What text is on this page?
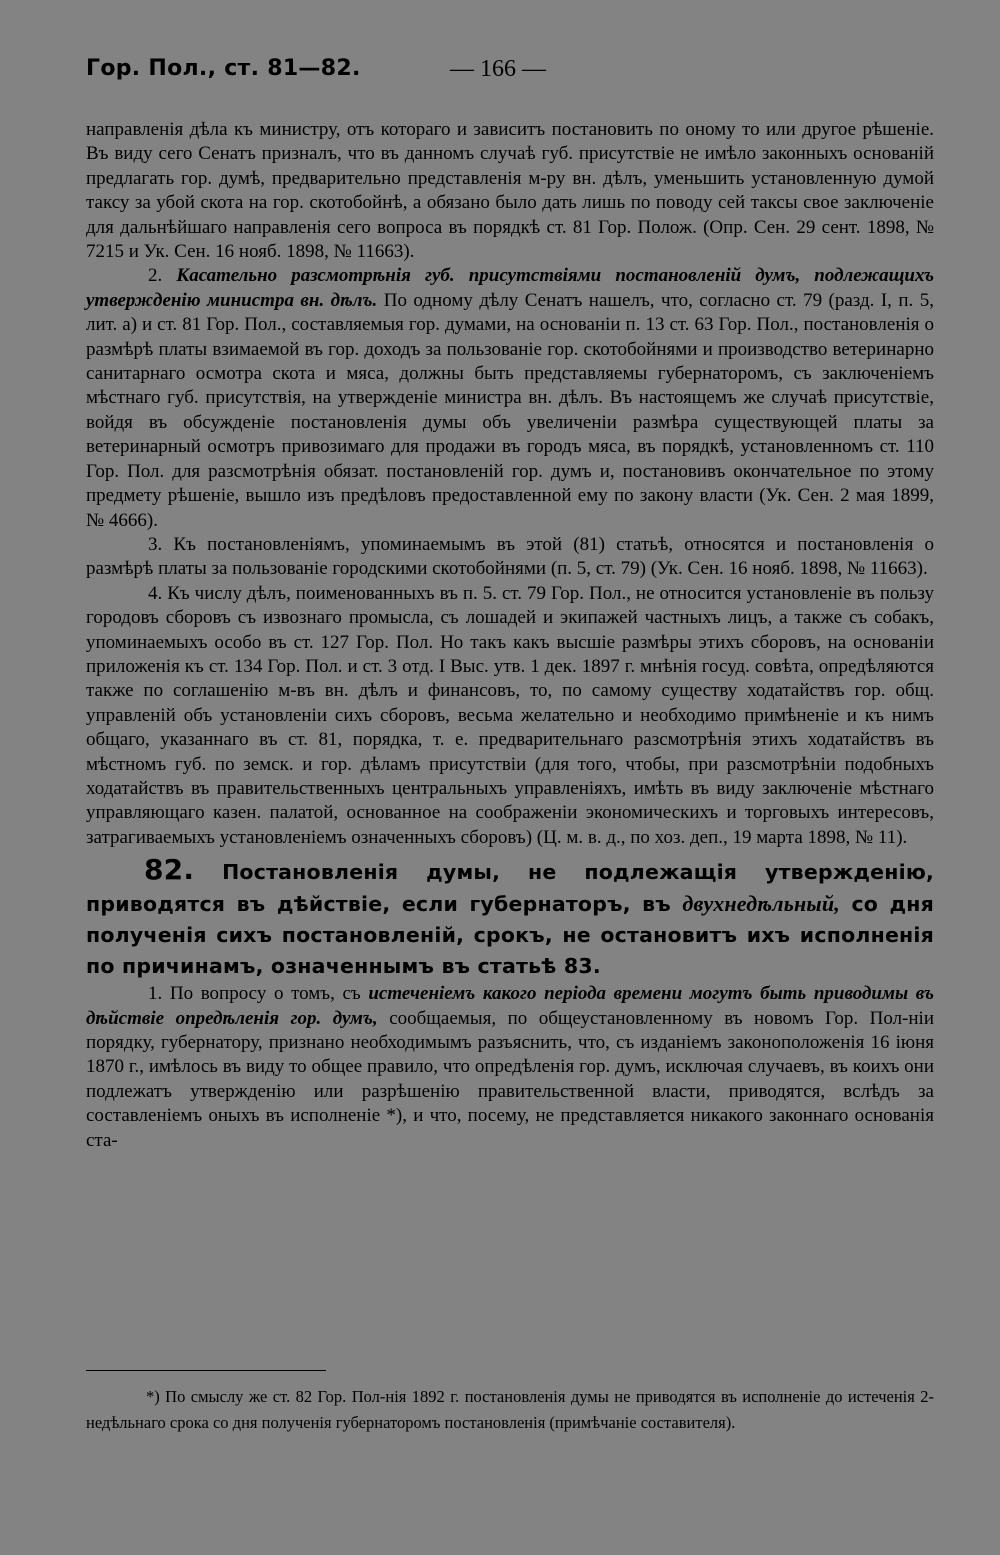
Гор. Пол., ст. 81—82.	— 166 —

направленія дѣла къ министру, отъ котораго и зависитъ постановить по оному то или другое рѣшеніе. Въ виду сего Сенатъ призналъ, что въ данномъ случаѣ губ. присутствіе не имѣло законныхъ основаній предлагать гор. думѣ, предварительно представленія м-ру вн. дѣлъ, уменьшить установленную думой таксу за убой скота на гор. скотобойнѣ, а обязано было дать лишь по поводу сей таксы свое заключеніе для дальнѣйшаго направленія сего вопроса въ порядкѣ ст. 81 Гор. Полож. (Опр. Сен. 29 сент. 1898, № 7215 и Ук. Сен. 16 нояб. 1898, № 11663).

2. Касательно разсмотрѣнія губ. присутствіями постановленій думъ, подлежащихъ утвержденію министра вн. дѣлъ. По одному дѣлу Сенатъ нашелъ, что, согласно ст. 79 (разд. I, п. 5, лит. а) и ст. 81 Гор. Пол., составляемыя гор. думами, на основаніи п. 13 ст. 63 Гор. Пол., постановленія о размѣрѣ платы взимаемой въ гор. доходъ за пользованіе гор. скотобойнями и производство ветеринарно санитарнаго осмотра скота и мяса, должны быть представляемы губернаторомъ, съ заключеніемъ мѣстнаго губ. присутствія, на утвержденіе министра вн. дѣлъ. Въ настоящемъ же случаѣ присутствіе, войдя въ обсужденіе постановленія думы объ увеличеніи размѣра существующей платы за ветеринарный осмотръ привозимаго для продажи въ городъ мяса, въ порядкѣ, установленномъ ст. 110 Гор. Пол. для разсмотрѣнія обязат. постановленій гор. думъ и, постановивъ окончательное по этому предмету рѣшеніе, вышло изъ предѣловъ предоставленной ему по закону власти (Ук. Сен. 2 мая 1899, № 4666).

3. Къ постановленіямъ, упоминаемымъ въ этой (81) статьѣ, относятся и постановленія о размѣрѣ платы за пользованіе городскими скотобойнями (п. 5, ст. 79) (Ук. Сен. 16 нояб. 1898, № 11663).

4. Къ числу дѣлъ, поименованныхъ въ п. 5. ст. 79 Гор. Пол., не относится установленіе въ пользу городовъ сборовъ съ извознаго промысла, съ лошадей и экипажей частныхъ лицъ, а также съ собакъ, упоминаемыхъ особо въ ст. 127 Гор. Пол. Но такъ какъ высшіе размѣры этихъ сборовъ, на основаніи приложенія къ ст. 134 Гор. Пол. и ст. 3 отд. I Выс. утв. 1 дек. 1897 г. мнѣнія госуд. совѣта, опредѣляются также по соглашенію м-въ вн. дѣлъ и финансовъ, то, по самому существу ходатайствъ гор. общ. управленій объ установленіи сихъ сборовъ, весьма желательно и необходимо примѣненіе и къ нимъ общаго, указаннаго въ ст. 81, порядка, т. е. предварительнаго разсмотрѣнія этихъ ходатайствъ въ мѣстномъ губ. по земск. и гор. дѣламъ присутствіи (для того, чтобы, при разсмотрѣніи подобныхъ ходатайствъ въ правительственныхъ центральныхъ управленіяхъ, имѣть въ виду заключеніе мѣстнаго управляющаго казен. палатой, основанное на соображеніи экономическихъ и торговыхъ интересовъ, затрагиваемыхъ установленіемъ означенныхъ сборовъ) (Ц. м. в. д., по хоз. деп., 19 марта 1898, № 11).

82. Постановленія думы, не подлежащія утвержденію, приводятся въ дѣйствіе, если губернаторъ, въ двухнедѣльный, со дня полученія сихъ постановленій, срокъ, не остановитъ ихъ исполненія по причинамъ, означеннымъ въ статьѣ 83.

1. По вопросу о томъ, съ истеченіемъ какого періода времени могутъ быть приводимы въ дѣйствіе опредѣленія гор. думъ, сообщаемыя, по общеустановленному въ новомъ Гор. Пол-ніи порядку, губернатору, признано необходимымъ разъяснить, что, съ изданіемъ законоположенія 16 іюня 1870 г., имѣлось въ виду то общее правило, что опредѣленія гор. думъ, исключая случаевъ, въ коихъ они подлежатъ утвержденію или разрѣшенію правительственной власти, приводятся, вслѣдъ за составленіемъ оныхъ въ исполненіе *), и что, посему, не представляется никакого законнаго основанія ста-

*) По смыслу же ст. 82 Гор. Пол-нія 1892 г. постановленія думы не приводятся въ исполненіе до истеченія 2-недѣльнаго срока со дня полученія губернаторомъ постановленія (примѣчаніе составителя).
